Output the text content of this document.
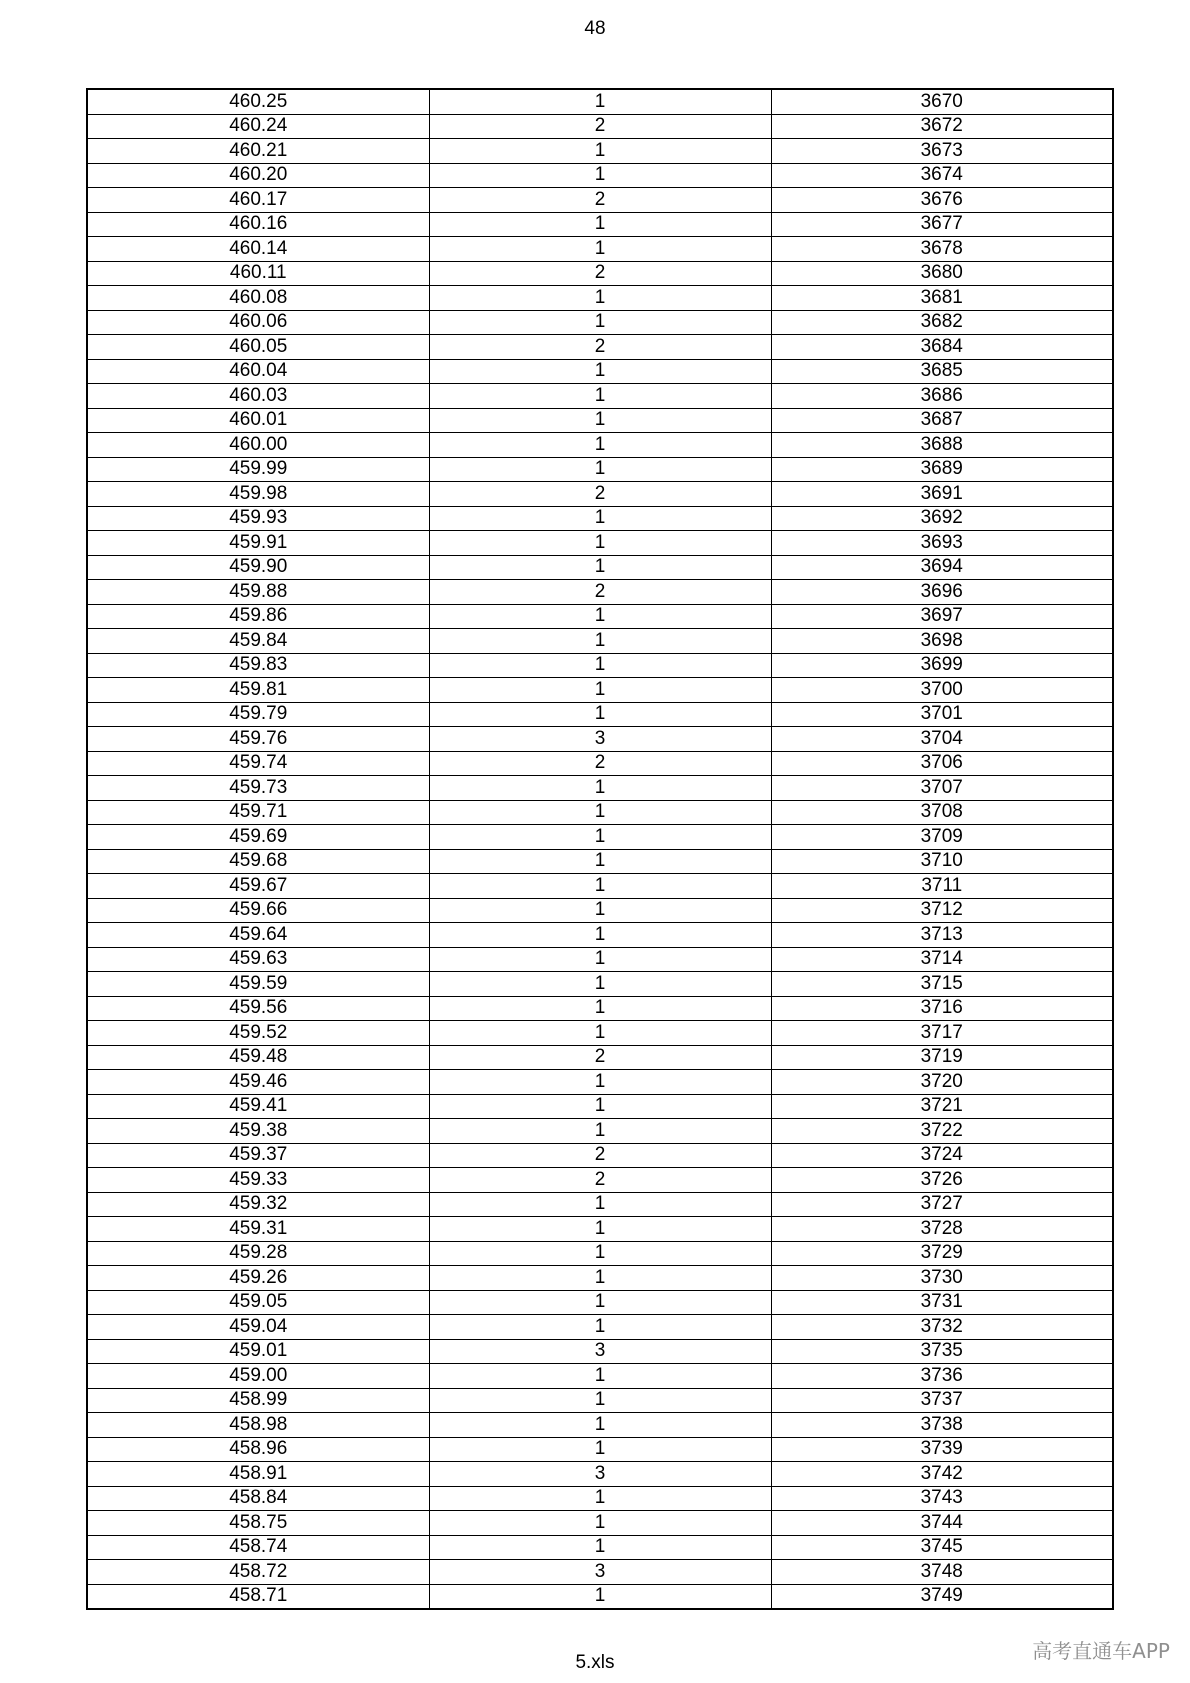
48
460.25	1	3670
460.24	2	3672
460.21	1	3673
460.20	1	3674
460.17	2	3676
460.16	1	3677
460.14	1	3678
460.11	2	3680
460.08	1	3681
460.06	1	3682
460.05	2	3684
460.04	1	3685
460.03	1	3686
460.01	1	3687
460.00	1	3688
459.99	1	3689
459.98	2	3691
459.93	1	3692
459.91	1	3693
459.90	1	3694
459.88	2	3696
459.86	1	3697
459.84	1	3698
459.83	1	3699
459.81	1	3700
459.79	1	3701
459.76	3	3704
459.74	2	3706
459.73	1	3707
459.71	1	3708
459.69	1	3709
459.68	1	3710
459.67	1	3711
459.66	1	3712
459.64	1	3713
459.63	1	3714
459.59	1	3715
459.56	1	3716
459.52	1	3717
459.48	2	3719
459.46	1	3720
459.41	1	3721
459.38	1	3722
459.37	2	3724
459.33	2	3726
459.32	1	3727
459.31	1	3728
459.28	1	3729
459.26	1	3730
459.05	1	3731
459.04	1	3732
459.01	3	3735
459.00	1	3736
458.99	1	3737
458.98	1	3738
458.96	1	3739
458.91	3	3742
458.84	1	3743
458.75	1	3744
458.74	1	3745
458.72	3	3748
458.71	1	3749
5.xls	高考直通车APP
